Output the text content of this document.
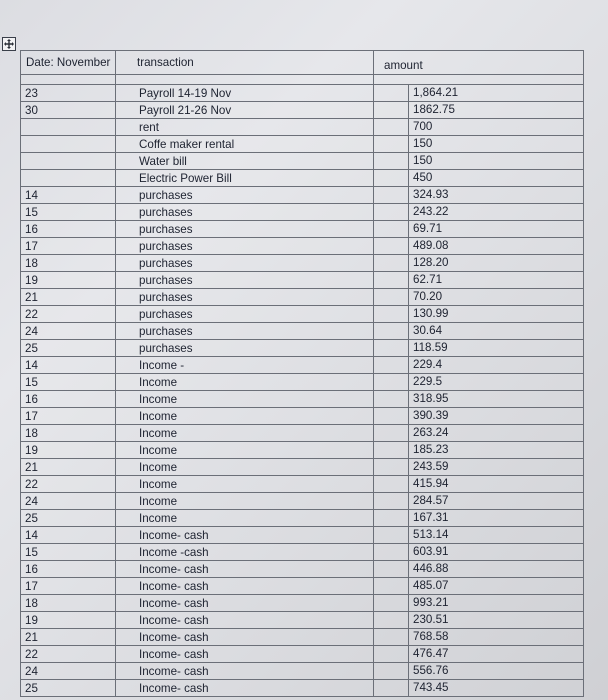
Date: November	transaction	amount

23	Payroll 14-19 Nov	1,864.21

30	Payroll 21-26 Nov	1862.75

	rent	700

	Coffe maker rental	150

	Water bill	150

	Electric Power Bill	450

14	purchases	324.93

15	purchases	243.22

16	purchases	69.71

17	purchases	489.08

18	purchases	128.20

19	purchases	62.71

21	purchases	70.20

22	purchases	130.99

24	purchases	30.64

25	purchases	118.59

14	Income -	229.4

15	Income	229.5

16	Income	318.95

17	Income	390.39

18	Income	263.24

19	Income	185.23

21	Income	243.59

22	Income	415.94

24	Income	284.57

25	Income	167.31

14	Income- cash	513.14

15	Income -cash	603.91

16	Income- cash	446.88

17	Income- cash	485.07

18	Income- cash	993.21

19	Income- cash	230.51

21	Income- cash	768.58

22	Income- cash	476.47

24	Income- cash	556.76

25	Income- cash	743.45
